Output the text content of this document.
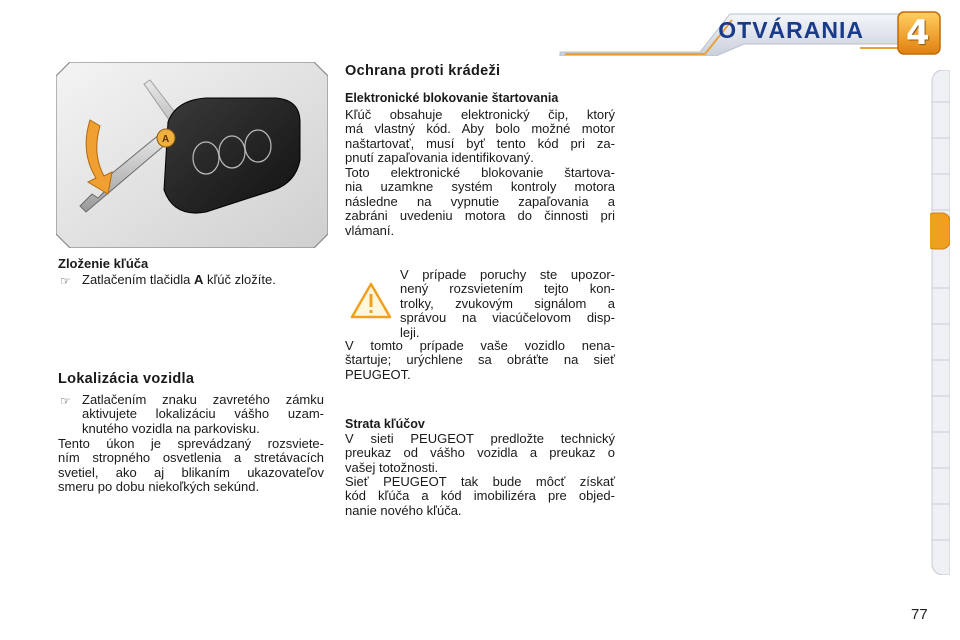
OTVÁRANIA 4
A

Zloženie kľúča

☞ Zatlačením tlačidla A kľúč zložíte.

Lokalizácia vozidla

☞ Zatlačením znaku zavretého zámku
aktivujete lokalizáciu vášho uzam-
knutého vozidla na parkovisku.
Tento úkon je sprevádzaný rozsviete-
ním stropného osvetlenia a stretávacích
svetiel, ako aj blikaním ukazovateľov
smeru po dobu niekoľkých sekúnd.

Ochrana proti krádeži

Elektronické blokovanie štartovania

Kľúč obsahuje elektronický čip, ktorý
má vlastný kód. Aby bolo možné motor
naštartovať, musí byť tento kód pri za-
pnutí zapaľovania identifikovaný.
Toto elektronické blokovanie štartova-
nia uzamkne systém kontroly motora
následne na vypnutie zapaľovania a
zabráni uvedeniu motora do činnosti pri
vlámaní.
V prípade poruchy ste upozor-
nený rozsvietením tejto kon-
trolky, zvukovým signálom a
správou na viacúčelovom disp-
leji.
V tomto prípade vaše vozidlo nena-
štartuje; urýchlene sa obráťte na sieť
PEUGEOT.

Strata kľúčov

V sieti PEUGEOT predložte technický
preukaz od vášho vozidla a preukaz o
vašej totožnosti.
Sieť PEUGEOT tak bude môcť získať
kód kľúča a kód imobilizéra pre objed-
nanie nového kľúča.
77
